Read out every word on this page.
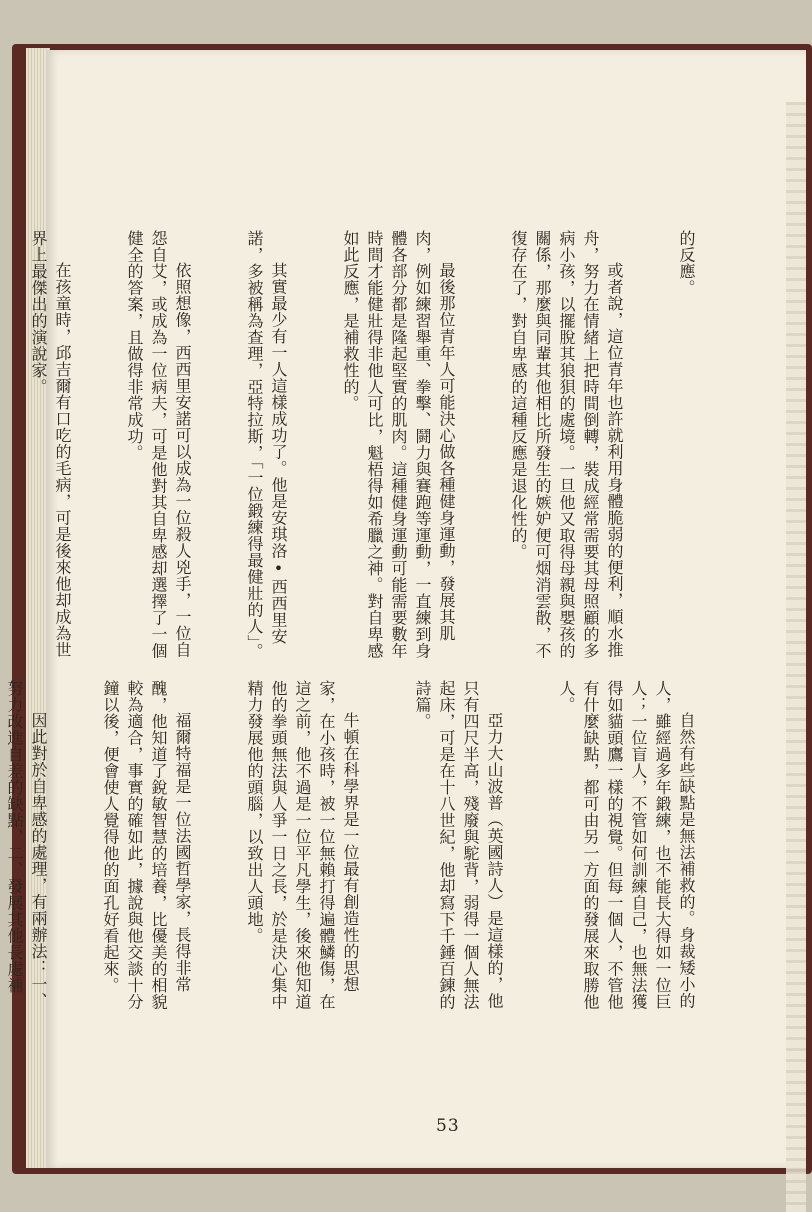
的反應。

或者說，這位青年也許就利用身體脆弱的便利，順水推舟，努力在情緒上把時間倒轉，裝成經常需要其母照顧的多病小孩，以擺脫其狼狽的處境。一旦他又取得母親與嬰孩的關係，那麼與同輩其他相比所發生的嫉妒便可烟消雲散，不復存在了，對自卑感的這種反應是退化性的。

最後那位青年人可能決心做各種健身運動，發展其肌肉，例如練習舉重、拳擊、鬪力與賽跑等運動，一直練到身體各部分都是隆起堅實的肌肉。這種健身運動可能需要數年時間才能健壯得非他人可比，魁梧得如希臘之神。對自卑感如此反應，是補救性的。

其實最少有一人這樣成功了。他是安琪洛•西西里安諾，多被稱為查理，亞特拉斯，「一位鍛練得最健壯的人」。

依照想像，西西里安諾可以成為一位殺人兇手，一位自怨自艾，或成為一位病夫，可是他對其自卑感却選擇了一個健全的答案，且做得非常成功。

在孩童時，邱吉爾有口吃的毛病，可是後來他却成為世界上最傑出的演說家。

自然有些缺點是無法補救的。身裁矮小的人，雖經過多年鍛練，也不能長大得如一位巨人；一位盲人，不管如何訓練自己，也無法獲得如貓頭鷹一樣的視覺。但每一個人，不管他有什麼缺點，都可由另一方面的發展來取勝他人。

亞力大山波普（英國詩人）是這樣的，他只有四尺半高，殘廢與駝背，弱得一個人無法起床，可是在十八世紀，他却寫下千錘百鍊的詩篇。

牛頓在科學界是一位最有創造性的思想家，在小孩時，被一位無賴打得遍體鱗傷，在這之前，他不過是一位平凡學生，後來他知道他的拳頭無法與人爭一日之長，於是決心集中精力發展他的頭腦，以致出人頭地。

福爾特福是一位法國哲學家，長得非常醜，他知道了銳敏智慧的培養，比優美的相貌較為適合，事實的確如此，據說與他交談十分鐘以後，便會使人覺得他的面孔好看起來。

因此對於自卑感的處理，有兩辦法：一、努力改進自差的缺點，二、發展其他長處補

53
